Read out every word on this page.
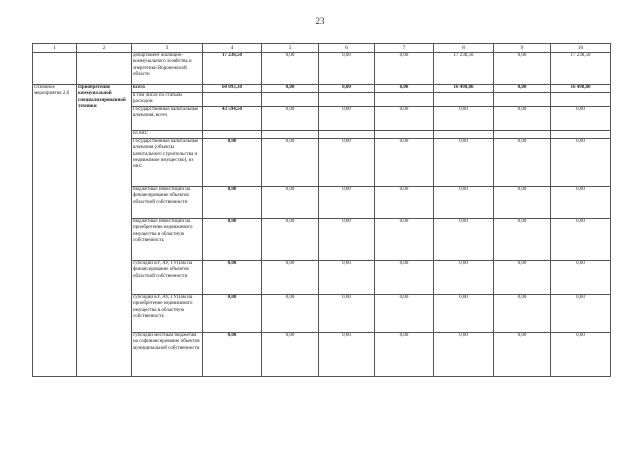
23
1	2	3	4	5	6	7	8	9	10
		департамент жилищно-коммунального хозяйства и энергетики Воронежской области	17 238,50	0,00	0,00	0,00	17 238,50	0,00	17 238,50
Основное мероприятие 2.6	Приобретение коммунальной специализированной техники	всего	60 093,30	0,00	0,00	0,00	16 498,80	0,00	16 498,80
		в том числе по статьям расходов:							
		Государственные капитальные вложения, всего	43 594,50	0,00	0,00	0,00	0,00	0,00	0,00
		из них:							
		Государственные капитальные вложения (объекты капитального строительства и недвижимое имущество), из них:	0,00	0,00	0,00	0,00	0,00	0,00	0,00
		бюджетные инвестиции на финансирование объектов областной собственности	0,00	0,00	0,00	0,00	0,00	0,00	0,00
		бюджетные инвестиции на приобретение недвижимого имущества в областную собственность	0,00	0,00	0,00	0,00	0,00	0,00	0,00
		субсидии БУ, АУ, ГУПам на финансирование объектов областной собственности	0,00	0,00	0,00	0,00	0,00	0,00	0,00
		субсидии БУ, АУ, ГУПам на приобретение недвижимого имущества в областную собственность	0,00	0,00	0,00	0,00	0,00	0,00	0,00
		субсидии местным бюджетам на софинансирование объектов муниципальной собственности	0,00	0,00	0,00	0,00	0,00	0,00	0,00
